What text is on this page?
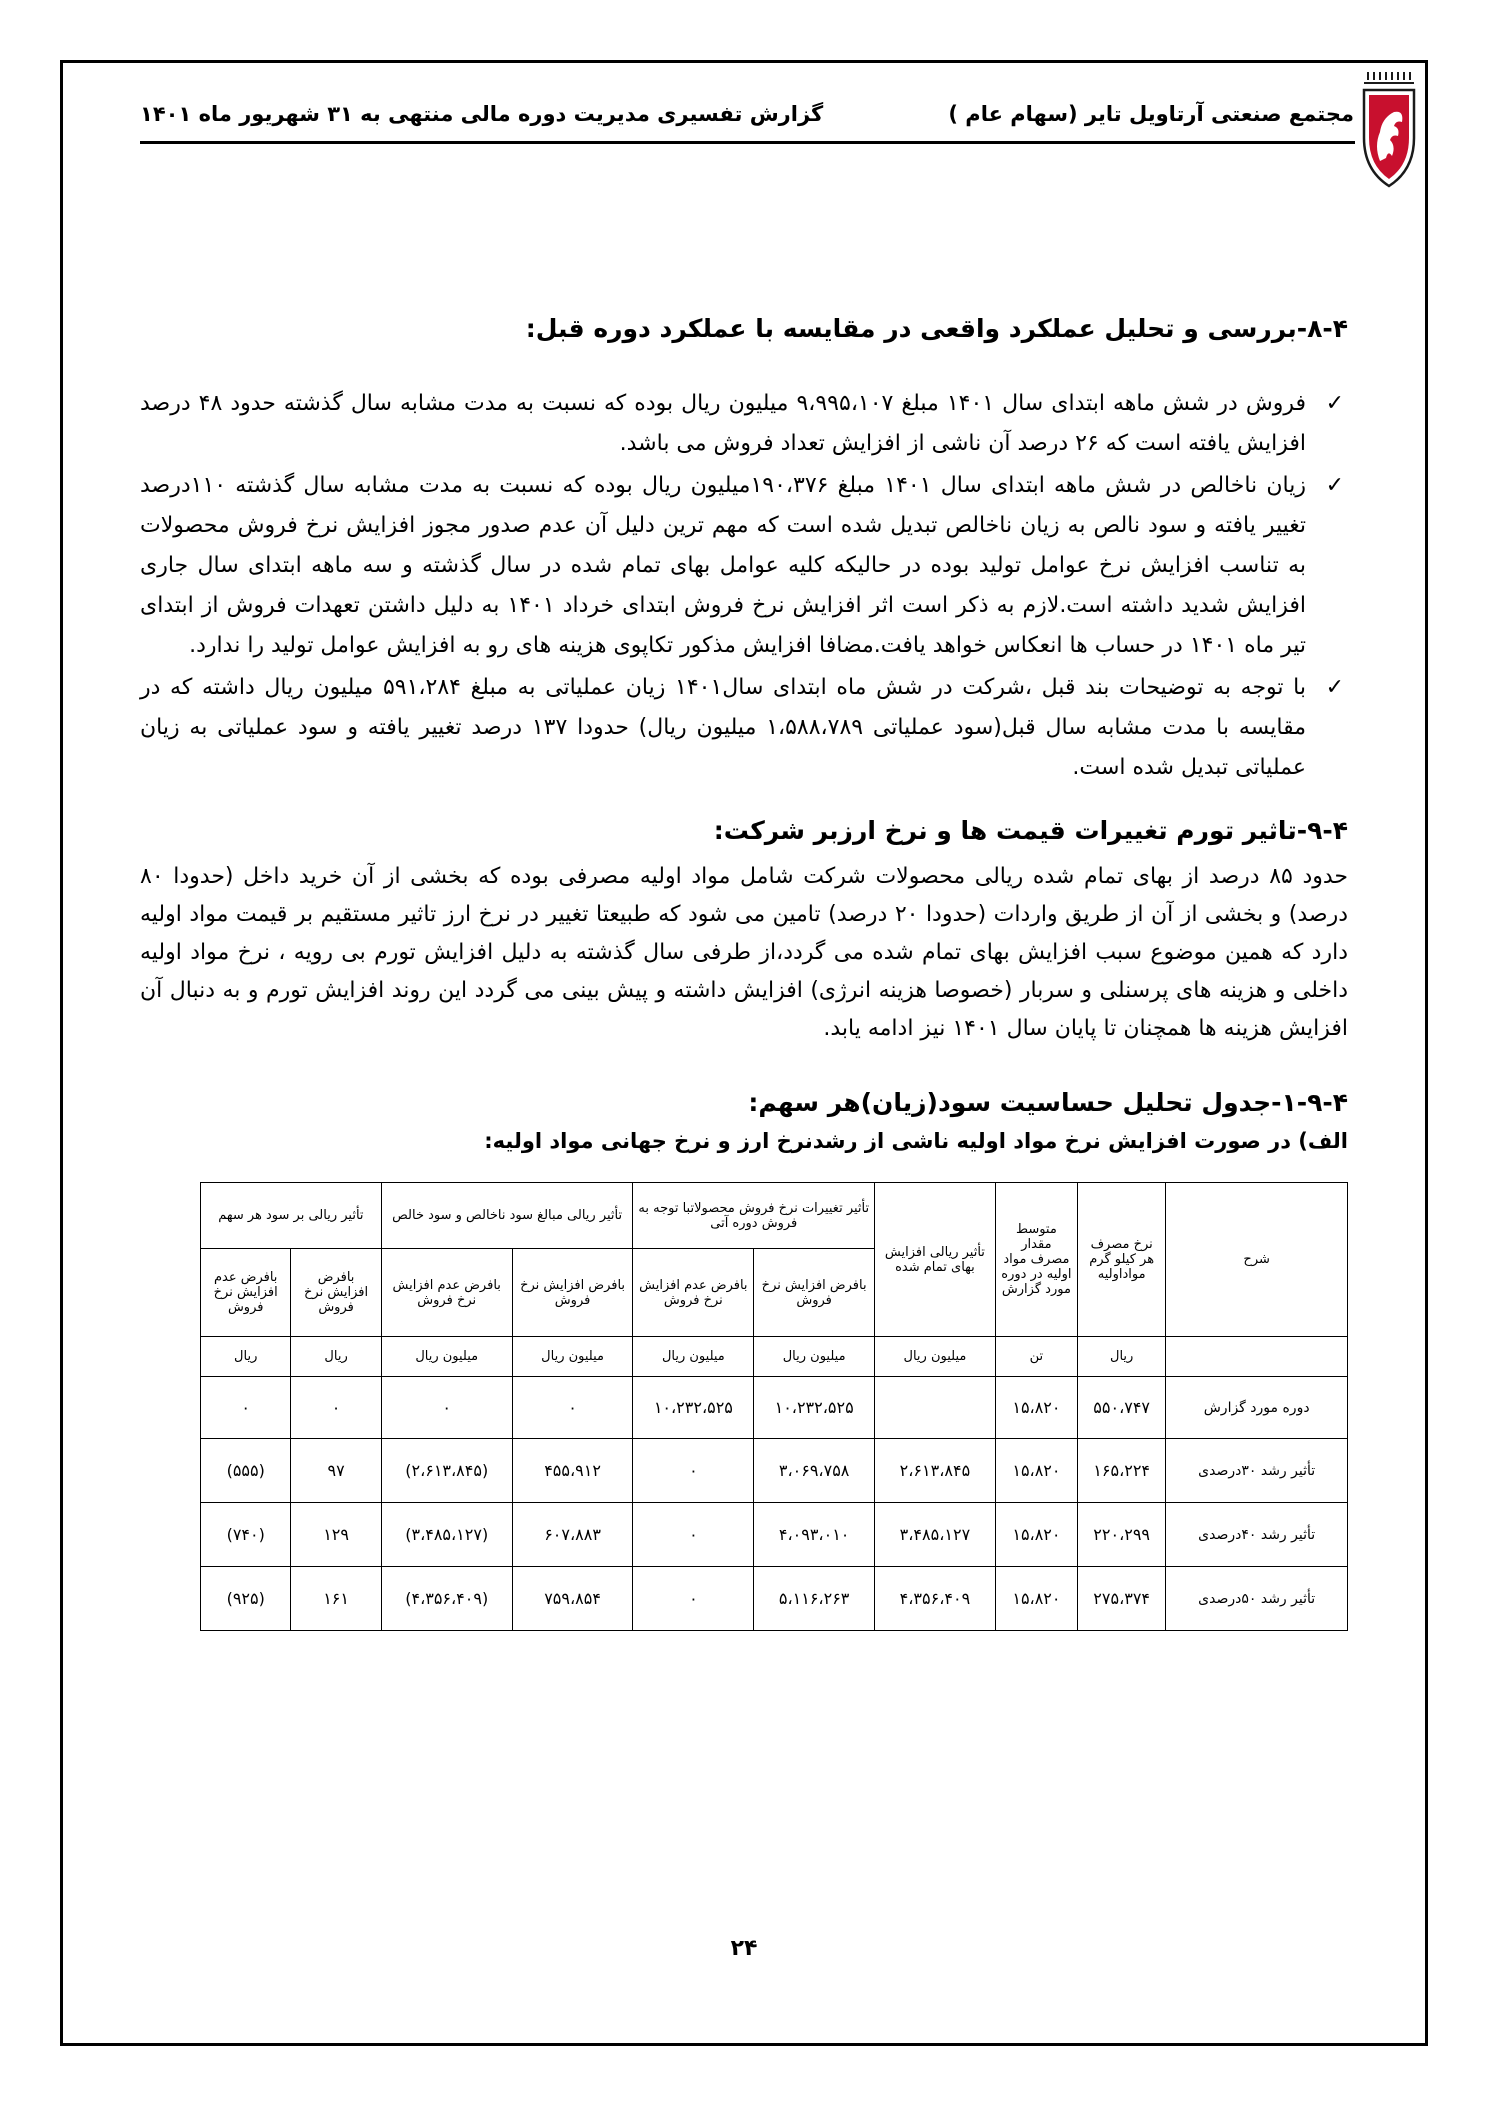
مجتمع صنعتی آرتاویل تایر (سهام عام )
گزارش تفسیری مدیریت دوره مالی منتهی به ۳۱ شهریور ماه ۱۴۰۱
۸-۴-بررسی و تحلیل عملکرد واقعی در مقایسه با عملکرد دوره قبل:
✓
فروش در شش ماهه ابتدای سال ۱۴۰۱ مبلغ ۹،۹۹۵،۱۰۷ میلیون ریال بوده که نسبت به مدت مشابه سال گذشته حدود ۴۸ درصد افزایش یافته است که ۲۶ درصد آن ناشی از افزایش تعداد فروش می باشد.
✓
زیان ناخالص در شش ماهه ابتدای سال ۱۴۰۱ مبلغ ۱۹۰،۳۷۶میلیون ریال بوده که نسبت به مدت مشابه سال گذشته ۱۱۰درصد تغییر یافته و سود نالص به زیان ناخالص تبدیل شده است که مهم ترین دلیل آن عدم صدور مجوز افزایش نرخ فروش محصولات به تناسب افزایش نرخ عوامل تولید بوده در حالیکه کلیه عوامل بهای تمام شده در سال گذشته و سه ماهه ابتدای سال جاری افزایش شدید داشته است.لازم به ذکر است اثر افزایش نرخ فروش ابتدای خرداد ۱۴۰۱ به دلیل داشتن تعهدات فروش از ابتدای تیر ماه ۱۴۰۱ در حساب ها انعکاس خواهد یافت.مضافا افزایش مذکور تکاپوی هزینه های رو به افزایش عوامل تولید را ندارد.
✓
با توجه به توضیحات بند قبل ،شرکت در شش ماه ابتدای سال۱۴۰۱ زیان عملیاتی به مبلغ ۵۹۱،۲۸۴ میلیون ریال داشته که در مقایسه با مدت مشابه سال قبل(سود عملیاتی ۱،۵۸۸،۷۸۹ میلیون ریال) حدودا ۱۳۷ درصد تغییر یافته و سود عملیاتی به زیان عملیاتی تبدیل شده است.
۹-۴-تاثیر تورم تغییرات قیمت ها و نرخ ارزبر شرکت:

حدود ۸۵ درصد از بهای تمام شده ریالی محصولات شرکت شامل مواد اولیه مصرفی بوده که بخشی از آن خرید داخل (حدودا ۸۰ درصد) و بخشی از آن از طریق واردات (حدودا ۲۰ درصد) تامین می شود که طبیعتا تغییر در نرخ ارز تاثیر مستقیم بر قیمت مواد اولیه دارد که همین موضوع سبب افزایش بهای تمام شده می گردد،از طرفی سال گذشته به دلیل افزایش تورم بی رویه ، نرخ مواد اولیه داخلی و هزینه های پرسنلی و سربار (خصوصا هزینه انرژی) افزایش داشته و پیش بینی می گردد این روند افزایش تورم و به دنبال آن افزایش هزینه ها همچنان تا پایان سال ۱۴۰۱ نیز ادامه یابد.

۱-۹-۴-جدول تحلیل حساسیت سود(زیان)هر سهم:

الف) در صورت افزایش نرخ مواد اولیه ناشی از رشدنرخ ارز و نرخ جهانی مواد اولیه:

شرح	نرخ مصرف هر کیلو گرم مواداولیه	متوسط مقدار مصرف مواد اولیه در دوره مورد گزارش	تأثیر ریالی افزایش بهای تمام شده	تأثیر تغییرات نرخ فروش محصولاتبا توجه به فروش دوره آتی		تأثیر ریالی مبالغ سود ناخالص و سود خالص		تأثیر ریالی بر سود هر سهم	
				بافرض افزایش نرخ فروش	بافرض عدم افزایش نرخ فروش	بافرض افزایش نرخ فروش	بافرض عدم افزایش نرخ فروش	بافرض افزایش نرخ فروش	بافرض عدم افزایش نرخ فروش
	ریال	تن	میلیون ریال	میلیون ریال	میلیون ریال	میلیون ریال	میلیون ریال	ریال	ریال
دوره مورد گزارش	۵۵۰،۷۴۷	۱۵،۸۲۰		۱۰،۲۳۲،۵۲۵	۱۰،۲۳۲،۵۲۵	۰	۰	۰	۰
تأثیر رشد ۳۰درصدی	۱۶۵،۲۲۴	۱۵،۸۲۰	۲،۶۱۳،۸۴۵	۳،۰۶۹،۷۵۸	۰	۴۵۵،۹۱۲	(۲،۶۱۳،۸۴۵)	۹۷	(۵۵۵)
تأثیر رشد ۴۰درصدی	۲۲۰،۲۹۹	۱۵،۸۲۰	۳،۴۸۵،۱۲۷	۴،۰۹۳،۰۱۰	۰	۶۰۷،۸۸۳	(۳،۴۸۵،۱۲۷)	۱۲۹	(۷۴۰)
تأثیر رشد ۵۰درصدی	۲۷۵،۳۷۴	۱۵،۸۲۰	۴،۳۵۶،۴۰۹	۵،۱۱۶،۲۶۳	۰	۷۵۹،۸۵۴	(۴،۳۵۶،۴۰۹)	۱۶۱	(۹۲۵)
۲۴
